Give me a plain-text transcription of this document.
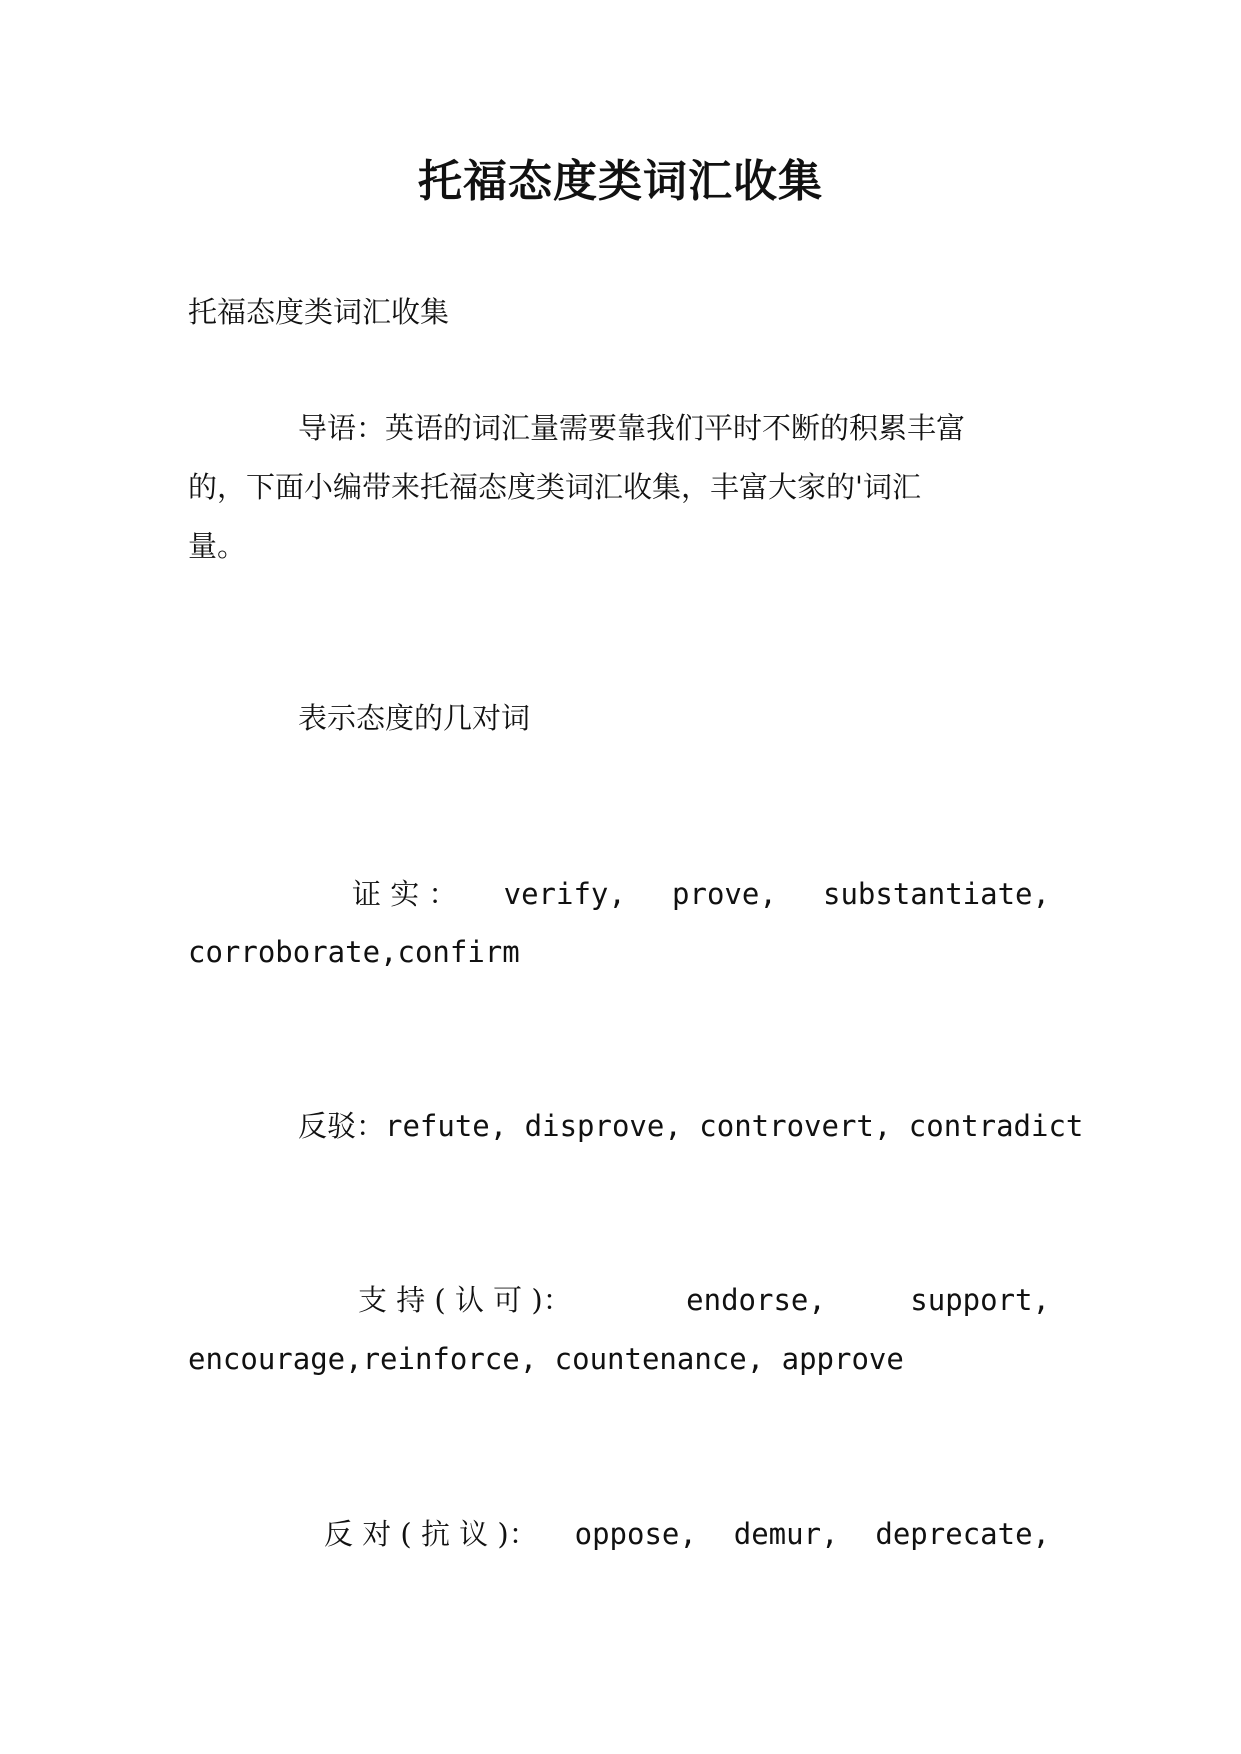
托福态度类词汇收集
托福态度类词汇收集
导语：英语的词汇量需要靠我们平时不断的积累丰富
的，下面小编带来托福态度类词汇收集，丰富大家的'词汇
量。
表示态度的几对词
证 实 ： verify, prove, substantiate,
corroborate,confirm
反驳：refute, disprove, controvert, contradict
支 持 ( 认 可 )：	endorse,	support,
encourage,reinforce, countenance, approve
反 对 ( 抗 议 )： oppose, demur, deprecate,
